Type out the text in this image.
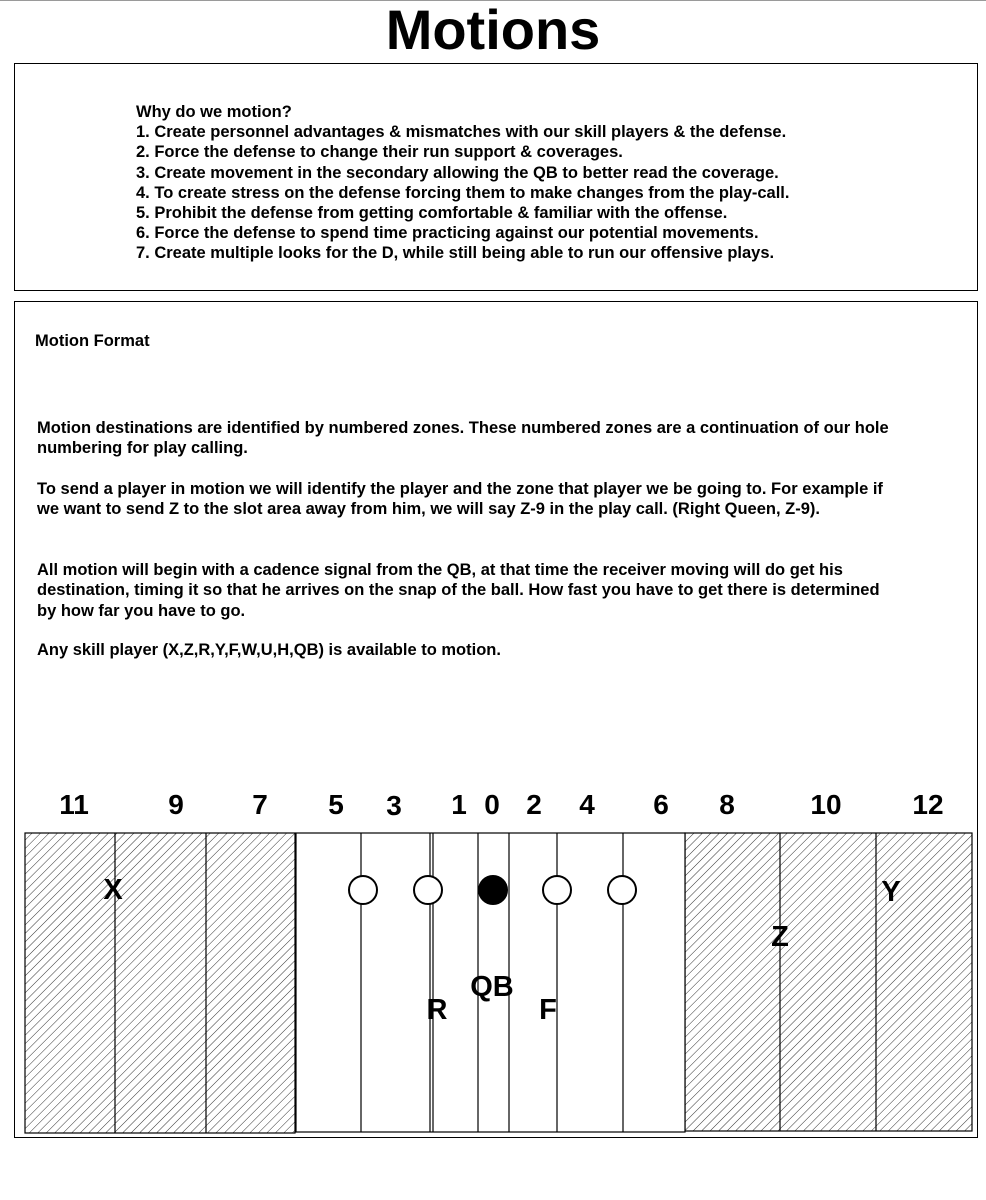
Motions
Why do we motion?
1. Create personnel advantages & mismatches with our skill players & the defense.
2. Force the defense to change their run support & coverages.
3. Create movement in the secondary allowing the QB to better read the coverage.
4. To create stress on the defense forcing them to make changes from the play-call.
5. Prohibit the defense from getting comfortable & familiar with the offense.
6. Force the defense to spend time practicing against our potential movements.
7. Create multiple looks for the D, while still being able to run our offensive plays.
Motion Format
Motion destinations are identified by numbered zones. These numbered zones are a continuation of our hole numbering for play calling.
To send a player in motion we will identify the player and the zone that player we be going to. For example if we want to send Z to the slot area away from him, we will say Z-9 in the play call. (Right Queen, Z-9).
All motion will begin with a cadence signal from the QB, at that time the receiver moving will do get his destination, timing it so that he arrives on the snap of the ball. How fast you have to get there is determined by how far you have to go.
Any skill player (X,Z,R,Y,F,W,U,H,QB) is available to motion.
11	9 7 5 3 1 0 2 4 6 8	10	12
X	Y
Z
R
QB
F
